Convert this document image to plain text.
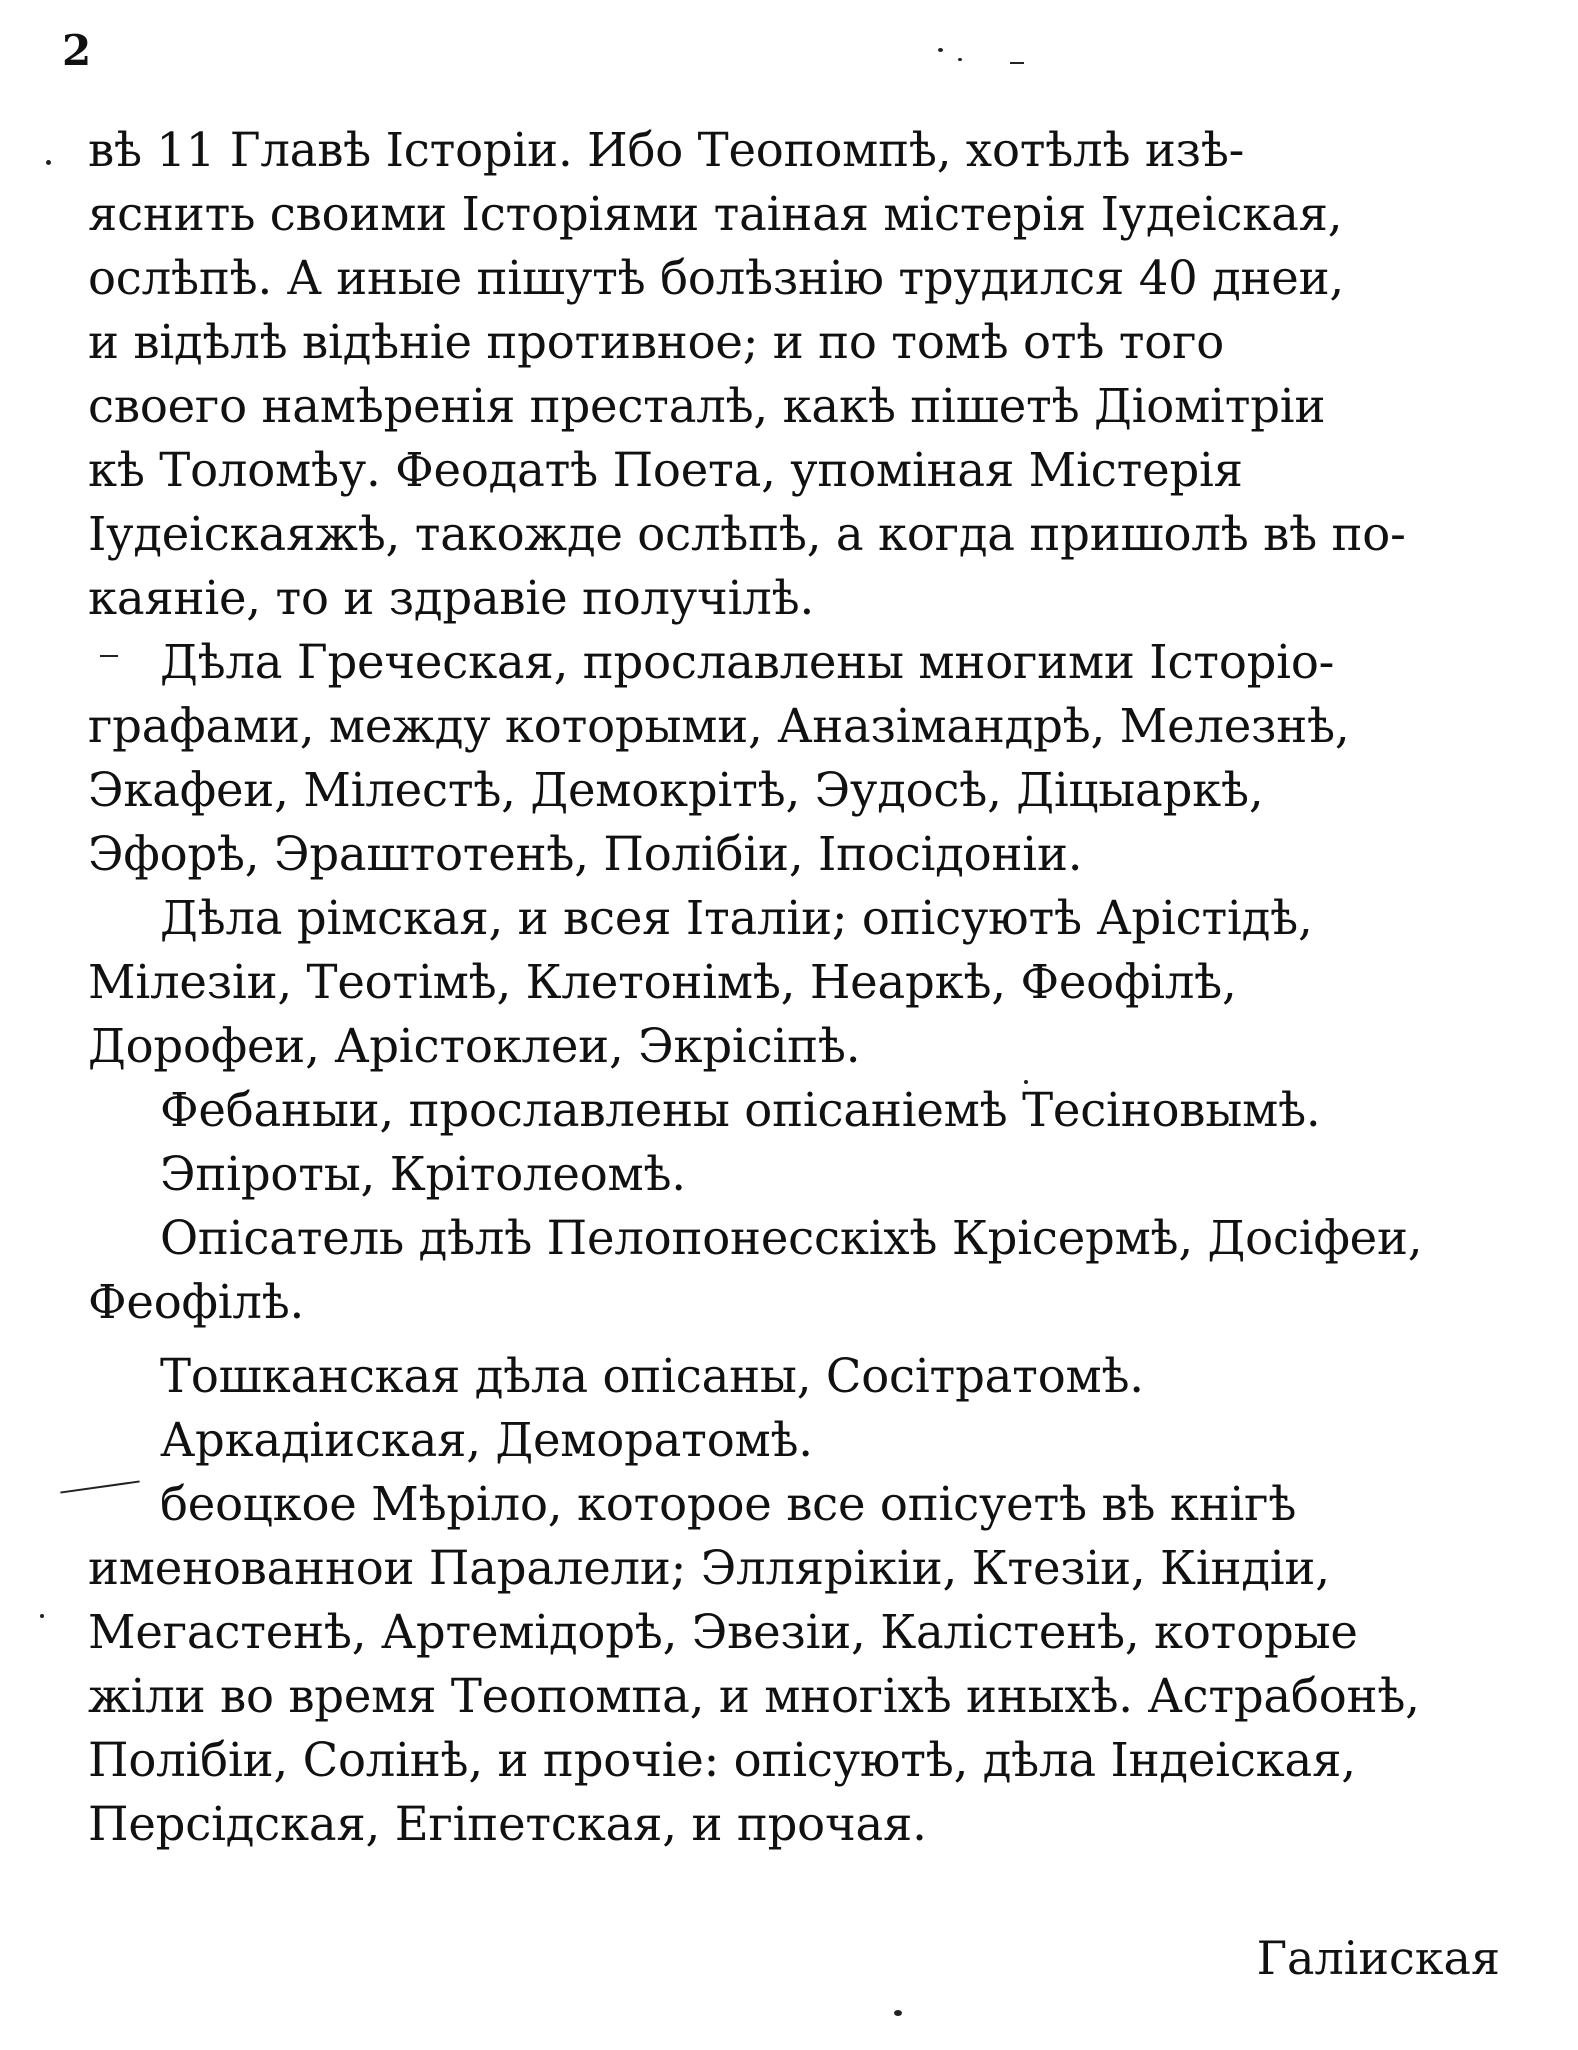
2
вѣ 11 Главѣ Історіи. Ибо Теопомпѣ, хотѣлѣ изѣ-
яснить своими Історіями таіная містерія Іудеіская,
ослѣпѣ. А иные пішутѣ болѣзнію трудился 40 днеи,
и відѣлѣ відѣніе противное; и по томѣ отѣ того
своего намѣренія престалѣ, какѣ пішетѣ Діомітріи
кѣ Толомѣу. Феодатѣ Поета, упоміная Містерія
Іудеіскаяжѣ, такожде ослѣпѣ, а когда пришолѣ вѣ по-
каяніе, то и здравіе получілѣ.
Дѣла Греческая, прославлены многими Історіо-
графами, между которыми, Аназімандрѣ, Мелезнѣ,
Экафеи, Мілестѣ, Демокрітѣ, Эудосѣ, Діцыаркѣ,
Эфорѣ, Эраштотенѣ, Полібіи, Іпосідоніи.
Дѣла рімская, и всея Італіи; опісуютѣ Арістідѣ,
Мілезіи, Теотімѣ, Клетонімѣ, Неаркѣ, Феофілѣ,
Дорофеи, Арістоклеи, Экрісіпѣ.
Фебаныи, прославлены опісаніемѣ Тесіновымѣ.
Эпіроты, Крітолеомѣ.
Опісатель дѣлѣ Пелопонесскіхѣ Крісермѣ, Досіфеи,
Феофілѣ.
Тошканская дѣла опісаны, Сосітратомѣ.
Аркадіиская, Демоpатомѣ.
беоцкое Мѣріло, которое все опісуетѣ вѣ кнігѣ
именованнои Паралели; Эллярікіи, Ктезіи, Кіндіи,
Мегастенѣ, Артемідорѣ, Эвезіи, Каліcтенѣ, которые
жіли во время Теопомпа, и многіхѣ иныхѣ. Астрабонѣ,
Полібіи, Солінѣ, и прочіе: опісуютѣ, дѣла Індеіская,
Персідская, Егіпетская, и прочая.
Галіиская
